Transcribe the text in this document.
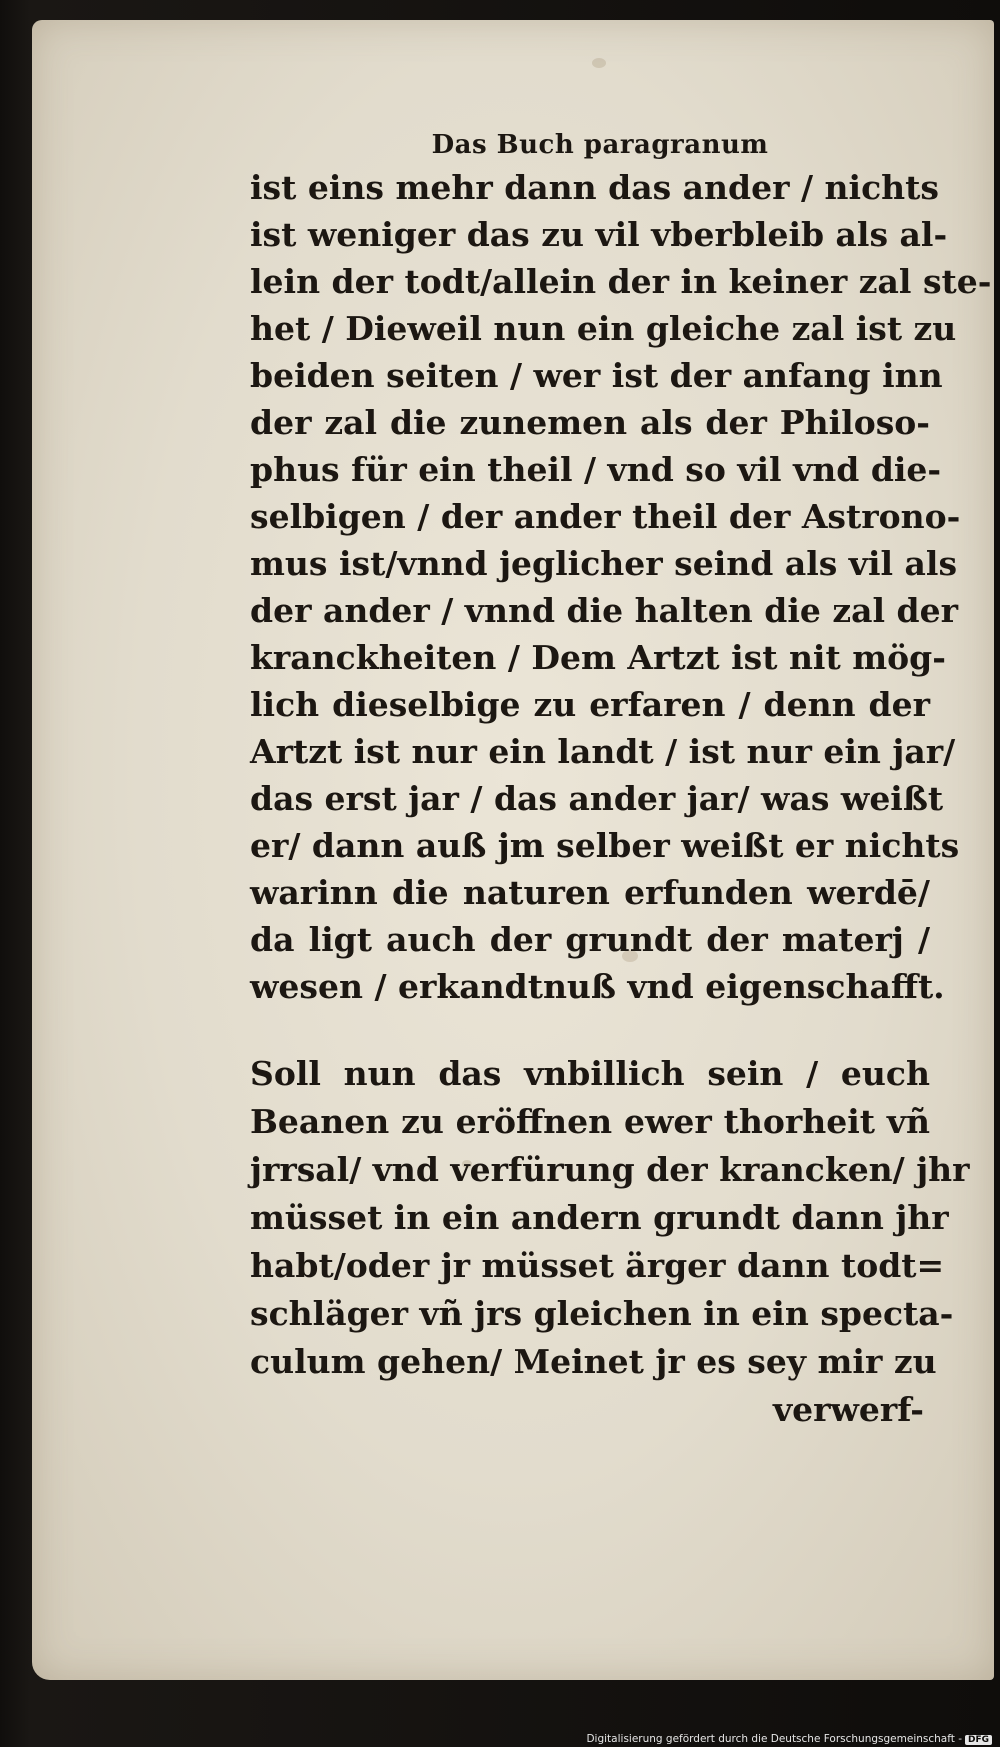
Das Buch paragranum
ist eins mehr dann das ander / nichts
ist weniger das zu vil vberbleib als al-
lein der todt/allein der in keiner zal ste-
het / Dieweil nun ein gleiche zal ist zu
beiden seiten / wer ist der anfang inn
der zal die zunemen als der Philoso-
phus für ein theil / vnd so vil vnd die-
selbigen / der ander theil der Astrono-
mus ist/vnnd jeglicher seind als vil als
der ander / vnnd die halten die zal der
kranckheiten / Dem Artzt ist nit mög-
lich dieselbige zu erfaren / denn der
Artzt ist nur ein landt / ist nur ein jar/
das erst jar / das ander jar/ was weißt
er/ dann auß jm selber weißt er nichts
warinn die naturen erfunden werdē/
da ligt auch der grundt der materj /
wesen / erkandtnuß vnd eigenschafft.
Soll nun das vnbillich sein / euch
Beanen zu eröffnen ewer thorheit vñ
jrrsal/ vnd verfürung der krancken/ jhr
müsset in ein andern grundt dann jhr
habt/oder jr müsset ärger dann todt=
schläger vñ jrs gleichen in ein specta-
culum gehen/ Meinet jr es sey mir zu
verwerf-
Digitalisierung gefördert durch die Deutsche Forschungsgemeinschaft - DFG
